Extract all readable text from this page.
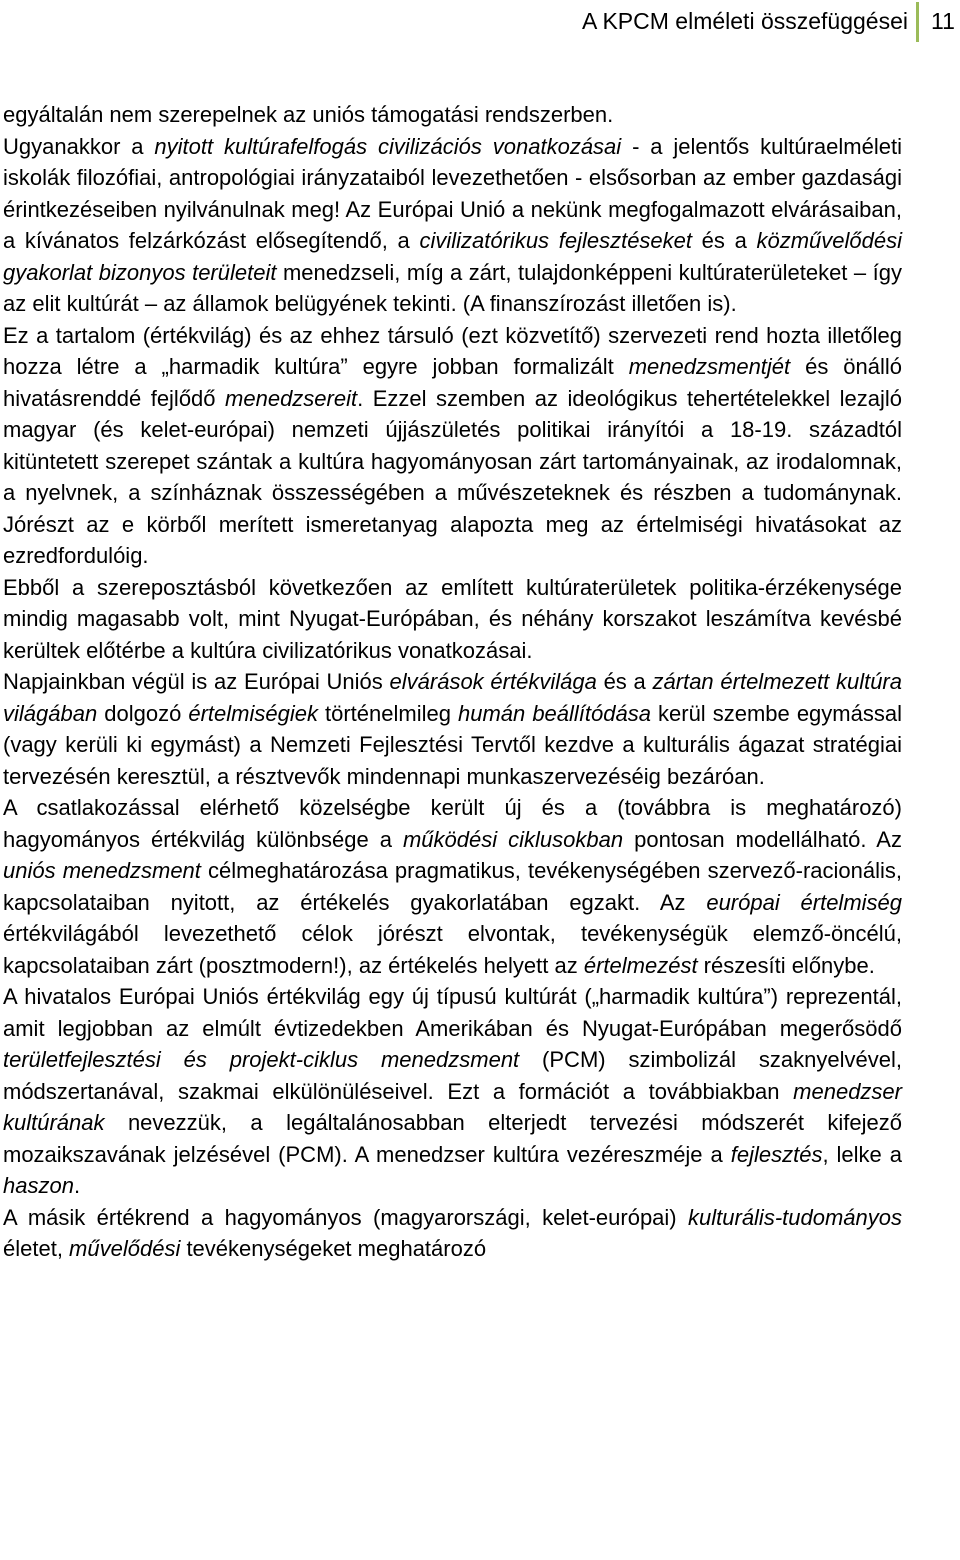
A KPCM elméleti összefüggései 11

egyáltalán nem szerepelnek az uniós támogatási rendszerben.

Ugyanakkor a nyitott kultúrafelfogás civilizációs vonatkozásai - a jelentős kultúraelméleti iskolák filozófiai, antropológiai irányzataiból levezethetően - elsősorban az ember gazdasági érintkezéseiben nyilvánulnak meg! Az Európai Unió a nekünk megfogalmazott elvárásaiban, a kívánatos felzárkózást elősegítendő, a civilizatórikus fejlesztéseket és a közművelődési gyakorlat bizonyos területeit menedzseli, míg a zárt, tulajdonképpeni kultúraterületeket – így az elit kultúrát – az államok belügyének tekinti. (A finanszírozást illetően is).

Ez a tartalom (értékvilág) és az ehhez társuló (ezt közvetítő) szervezeti rend hozta illetőleg hozza létre a „harmadik kultúra” egyre jobban formalizált menedzsmentjét és önálló hivatásrenddé fejlődő menedzsereit. Ezzel szemben az ideológikus tehertételekkel lezajló magyar (és kelet-európai) nemzeti újjászületés politikai irányítói a 18-19. századtól kitüntetett szerepet szántak a kultúra hagyományosan zárt tartományainak, az irodalomnak, a nyelvnek, a színháznak összességében a művészeteknek és részben a tudománynak. Jórészt az e körből merített ismeretanyag alapozta meg az értelmiségi hivatásokat az ezredfordulóig.

Ebből a szereposztásból következően az említett kultúraterületek politika-érzékenysége mindig magasabb volt, mint Nyugat-Európában, és néhány korszakot leszámítva kevésbé kerültek előtérbe a kultúra civilizatórikus vonatkozásai.

Napjainkban végül is az Európai Uniós elvárások értékvilága és a zártan értelmezett kultúra világában dolgozó értelmiségiek történelmileg humán beállítódása kerül szembe egymással (vagy kerüli ki egymást) a Nemzeti Fejlesztési Tervtől kezdve a kulturális ágazat stratégiai tervezésén keresztül, a résztvevők mindennapi munkaszervezéséig bezáróan.

A csatlakozással elérhető közelségbe került új és a (továbbra is meghatározó) hagyományos értékvilág különbsége a működési ciklusokban pontosan modellálható. Az uniós menedzsment célmeghatározása pragmatikus, tevékenységében szervező-racionális, kapcsolataiban nyitott, az értékelés gyakorlatában egzakt. Az európai értelmiség értékvilágából levezethető célok jórészt elvontak, tevékenységük elemző-öncélú, kapcsolataiban zárt (posztmodern!), az értékelés helyett az értelmezést részesíti előnybe.

A hivatalos Európai Uniós értékvilág egy új típusú kultúrát („harmadik kultúra”) reprezentál, amit legjobban az elmúlt évtizedekben Amerikában és Nyugat-Európában megerősödő területfejlesztési és projekt-ciklus menedzsment (PCM) szimbolizál szaknyelvével, módszertanával, szakmai elkülönüléseivel. Ezt a formációt a továbbiakban menedzser kultúrának nevezzük, a legáltalánosabban elterjedt tervezési módszerét kifejező mozaikszavának jelzésével (PCM). A menedzser kultúra vezéreszméje a fejlesztés, lelke a haszon.

A másik értékrend a hagyományos (magyarországi, kelet-európai) kulturális-tudományos életet, művelődési tevékenységeket meghatározó
